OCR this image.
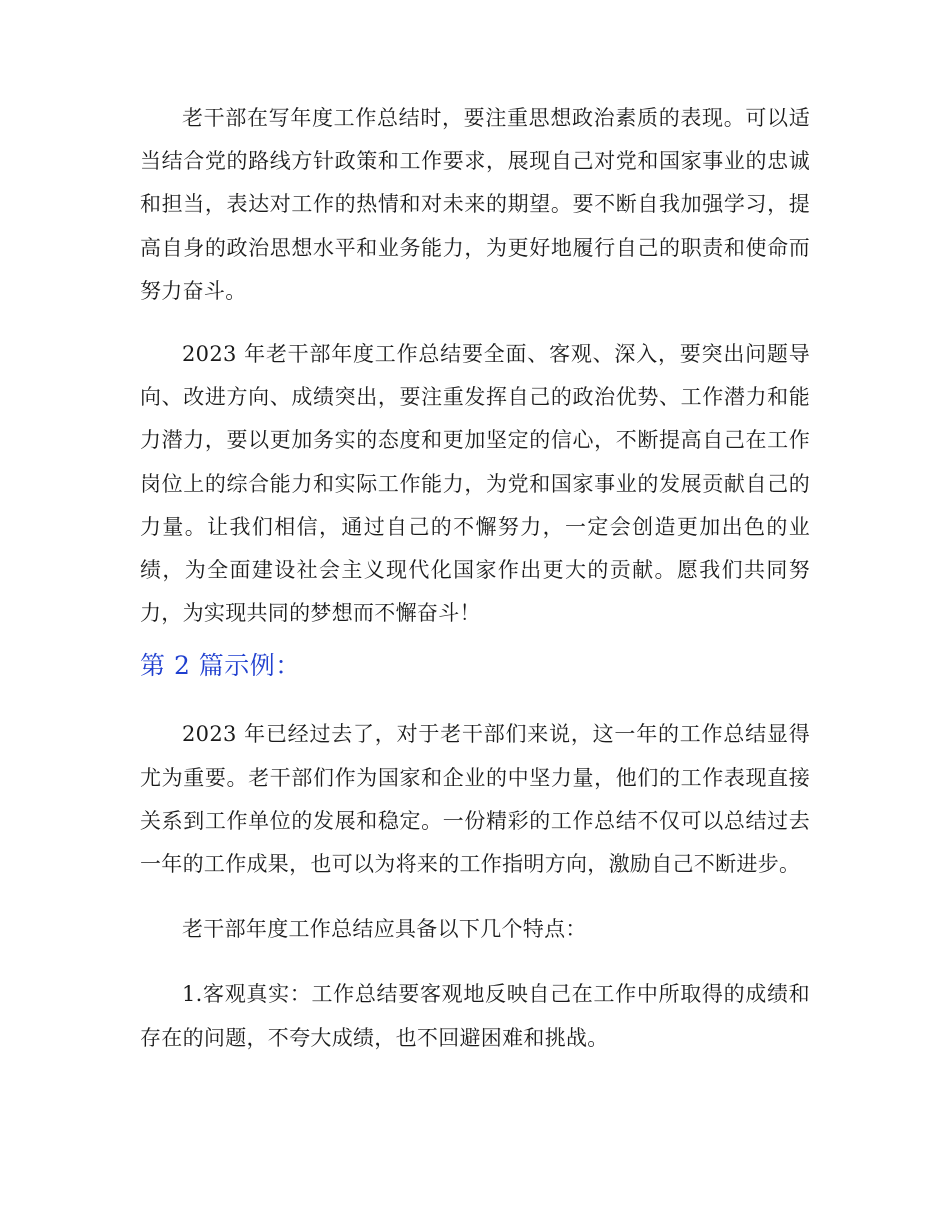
老干部在写年度工作总结时，要注重思想政治素质的表现。可以适当结合党的路线方针政策和工作要求，展现自己对党和国家事业的忠诚和担当，表达对工作的热情和对未来的期望。要不断自我加强学习，提高自身的政治思想水平和业务能力，为更好地履行自己的职责和使命而努力奋斗。

2023 年老干部年度工作总结要全面、客观、深入，要突出问题导向、改进方向、成绩突出，要注重发挥自己的政治优势、工作潜力和能力潜力，要以更加务实的态度和更加坚定的信心，不断提高自己在工作岗位上的综合能力和实际工作能力，为党和国家事业的发展贡献自己的力量。让我们相信，通过自己的不懈努力，一定会创造更加出色的业绩，为全面建设社会主义现代化国家作出更大的贡献。愿我们共同努力，为实现共同的梦想而不懈奋斗！

第 2 篇示例：

2023 年已经过去了，对于老干部们来说，这一年的工作总结显得尤为重要。老干部们作为国家和企业的中坚力量，他们的工作表现直接关系到工作单位的发展和稳定。一份精彩的工作总结不仅可以总结过去一年的工作成果，也可以为将来的工作指明方向，激励自己不断进步。

老干部年度工作总结应具备以下几个特点：

1.客观真实：工作总结要客观地反映自己在工作中所取得的成绩和存在的问题，不夸大成绩，也不回避困难和挑战。
